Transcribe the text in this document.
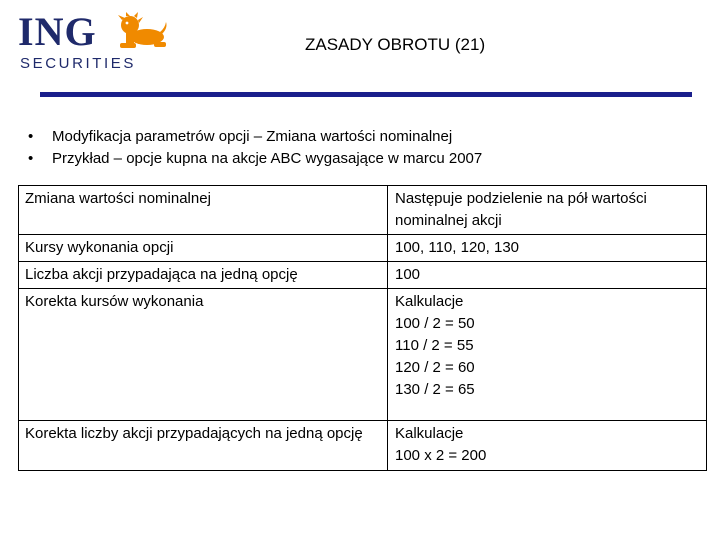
ING
SECURITIES
ZASADY OBROTU (21)
• Modyfikacja parametrów opcji – Zmiana wartości nominalnej
• Przykład – opcje kupna na akcje ABC wygasające w marcu 2007
Zmiana wartości nominalnej	Następuje podzielenie na pół wartości nominalnej akcji

Kursy wykonania opcji	100, 110, 120, 130

Liczba akcji przypadająca na jedną opcję	100

Korekta kursów wykonania	Kalkulacje
100 / 2 = 50
110 / 2 = 55
120 / 2 = 60
130 / 2 = 65

Korekta liczby akcji przypadających na jedną opcję	Kalkulacje
100 x 2 = 200
